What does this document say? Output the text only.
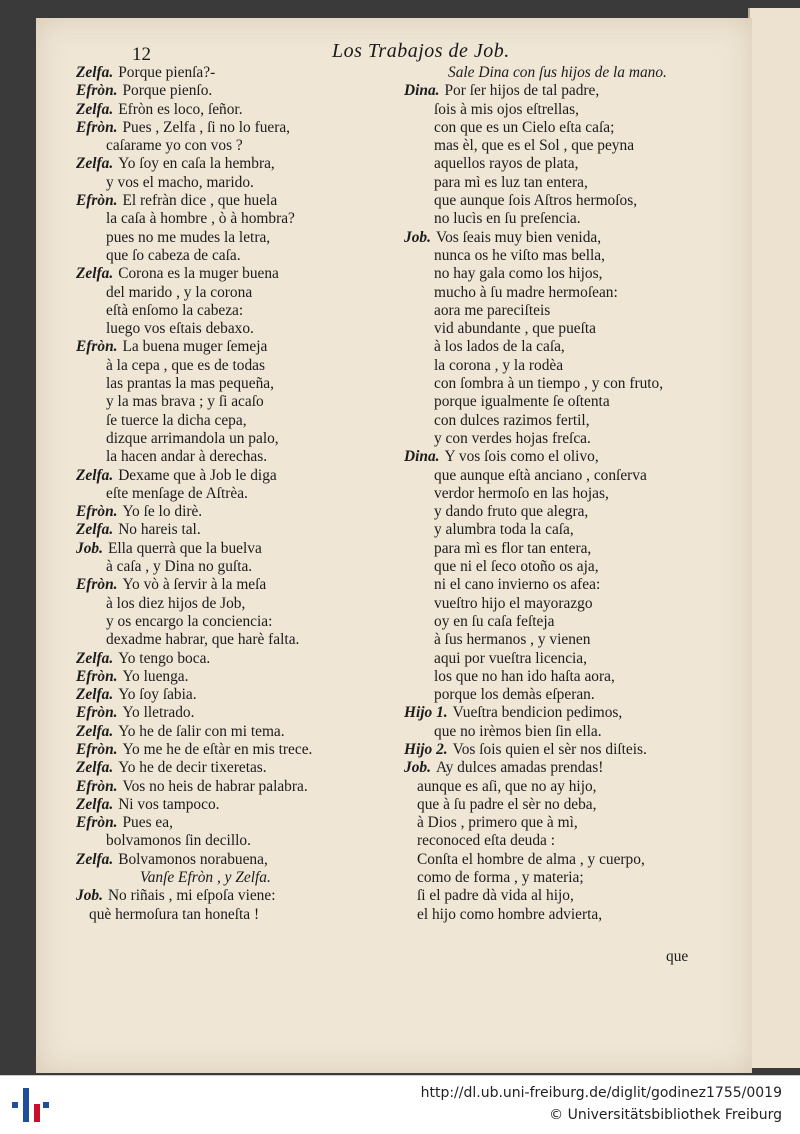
12	Los Trabajos de Job.
Zelfa. Porque pienſa?-
Efròn. Porque pienſo.
Zelfa. Efròn es loco, ſeñor.
Efròn. Pues , Zelfa , ſi no lo fuera,
caſarame yo con vos ?
Zelfa. Yo ſoy en caſa la hembra,
y vos el macho, marido.
Efròn. El refràn dice , que huela
la caſa à hombre , ò à hombra?
pues no me mudes la letra,
que ſo cabeza de caſa.
Zelfa. Corona es la muger buena
del marido , y la corona
eſtà enſomo la cabeza:
luego vos eſtais debaxo.
Efròn. La buena muger ſemeja
à la cepa , que es de todas
las prantas la mas pequeña,
y la mas brava ; y ſi acaſo
ſe tuerce la dicha cepa,
dizque arrimandola un palo,
la hacen andar à derechas.
Zelfa. Dexame que à Job le diga
eſte menſage de Aſtrèa.
Efròn. Yo ſe lo dirè.
Zelfa. No hareis tal.
Job. Ella querrà que la buelva
à caſa , y Dina no guſta.
Efròn. Yo vò à ſervir à la meſa
à los diez hijos de Job,
y os encargo la conciencia:
dexadme habrar, que harè falta.
Zelfa. Yo tengo boca.
Efròn. Yo luenga.
Zelfa. Yo ſoy ſabia.
Efròn. Yo lletrado.
Zelfa. Yo he de ſalir con mi tema.
Efròn. Yo me he de eſtàr en mis trece.
Zelfa. Yo he de decir tixeretas.
Efròn. Vos no heis de habrar palabra.
Zelfa. Ni vos tampoco.
Efròn. Pues ea,
bolvamonos ſin decillo.
Zelfa. Bolvamonos norabuena,
Vanſe Efròn , y Zelfa.
Job. No riñais , mi eſpoſa viene:
què hermoſura tan honeſta !
Sale Dina con ſus hijos de la mano.
Dina. Por ſer hijos de tal padre,
ſois à mis ojos eſtrellas,
con que es un Cielo eſta caſa;
mas èl, que es el Sol , que peyna
aquellos rayos de plata,
para mì es luz tan entera,
que aunque ſois Aſtros hermoſos,
no lucìs en ſu preſencia.
Job. Vos ſeais muy bien venida,
nunca os he viſto mas bella,
no hay gala como los hijos,
mucho à ſu madre hermoſean:
aora me pareciſteis
vid abundante , que pueſta
à los lados de la caſa,
la corona , y la rodèa
con ſombra à un tiempo , y con fruto,
porque igualmente ſe oſtenta
con dulces razimos fertil,
y con verdes hojas freſca.
Dina. Y vos ſois como el olivo,
que aunque eſtà anciano , conſerva
verdor hermoſo en las hojas,
y dando fruto que alegra,
y alumbra toda la caſa,
para mì es flor tan entera,
que ni el ſeco otoño os aja,
ni el cano invierno os afea:
vueſtro hijo el mayorazgo
oy en ſu caſa feſteja
à ſus hermanos , y vienen
aqui por vueſtra licencia,
los que no han ido haſta aora,
porque los demàs eſperan.
Hijo 1. Vueſtra bendicion pedimos,
que no irèmos bien ſin ella.
Hijo 2. Vos ſois quien el sèr nos diſteis.
Job. Ay dulces amadas prendas!
aunque es aſi, que no ay hijo,
que à ſu padre el sèr no deba,
à Dios , primero que à mì,
reconoced eſta deuda :
Conſta el hombre de alma , y cuerpo,
como de forma , y materia;
ſi el padre dà vida al hijo,
el hijo como hombre advierta,
que
http://dl.ub.uni-freiburg.de/diglit/godinez1755/0019
© Universitätsbibliothek Freiburg
